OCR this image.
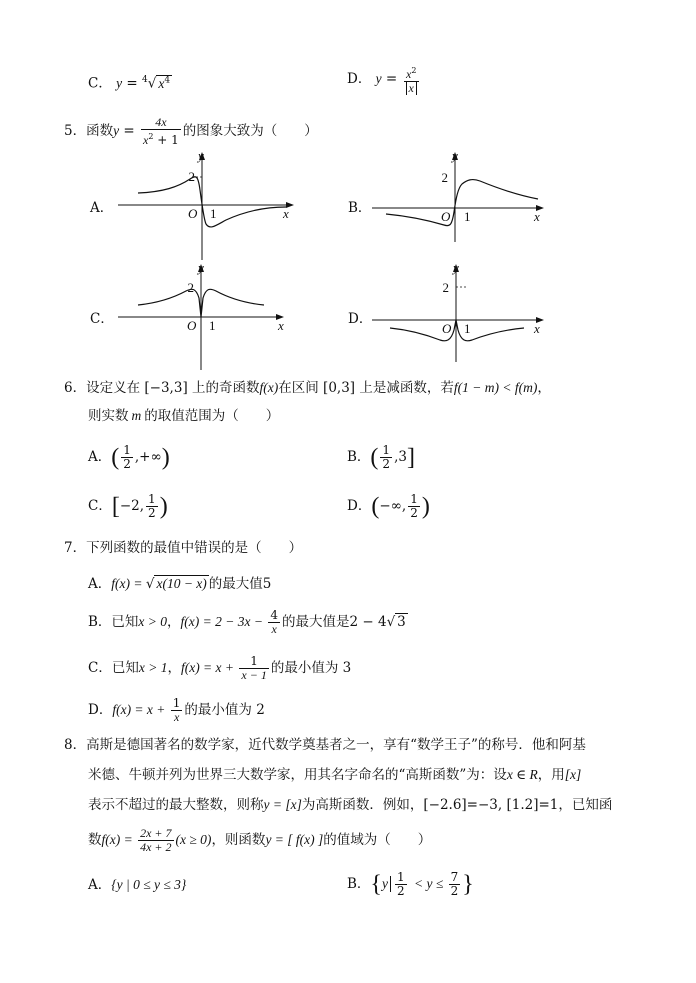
C． y = $^4$√ $x^4$	D． $y = \frac{x^2}{x}$
5．函数$y = \frac{4x}{x^2 + 1}$ 的图象大致为（　　）
A．
y
x
O
2
1	B．
y
x
O
2
1
C．
y
x
O
2
1	D．
y
x
O
2
1
6．设定义在 [−3,3] 上的奇函数f(x)在区间 [0,3] 上是减函数，若f(1 − m) < f(m)，
则实数 m 的取值范围为（　　）
A．( $\frac{1}{2}$ ,+∞)	B．( $\frac{1}{2} ,3$]
C．[−2, $\frac{1}{2}$ )	D．(−∞, $\frac{1}{2}$ )
7．下列函数的最值中错误的是（　　）
A．f(x) = √ x(10 − x) 的最大值5
B．已知x > 0，$f(x) = 2 - 3x - \frac{4}{x}$ 的最大值是2 − 4√ 3
C．已知x > 1，$f(x) = x + \frac{1}{x - 1}$ 的最小值为 3
D．$f(x) = x + \frac{1}{x}$ 的最小值为 2
8．高斯是德国著名的数学家，近代数学奠基者之一，享有“数学王子”的称号．他和阿基
米德、牛顿并列为世界三大数学家，用其名字命名的“高斯函数”为：设x ∈ R，用[x]
表示不超过的最大整数，则称y = [x]为高斯函数．例如，[−2.6]=−3, [1.2]=1，已知函
数$f(x) = \frac{2x + 7}{4x + 2} (x \ge 0)$，则函数y = [ f(x) ]的值域为（　　）
A．{y | 0 ≤ y ≤ 3}	B．{$y \frac{1}{2} < y \le \frac{7}{2}$ }
